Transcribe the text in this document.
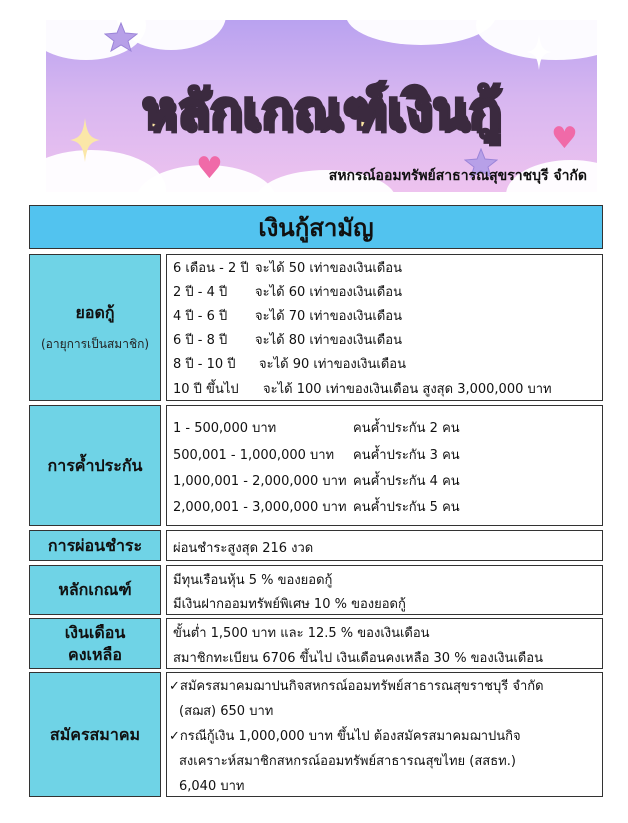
♥
♥
หลักเกณฑ์เงินกู้
สหกรณ์ออมทรัพย์สาธารณสุขราชบุรี จำกัด
เงินกู้สามัญ
ยอดกู้
(อายุการเป็นสมาชิก)
6 เดือน - 2 ปี จะได้ 50 เท่าของเงินเดือน
2 ปี - 4 ปี จะได้ 60 เท่าของเงินเดือน
4 ปี - 6 ปี จะได้ 70 เท่าของเงินเดือน
6 ปี - 8 ปี จะได้ 80 เท่าของเงินเดือน
8 ปี - 10 ปี จะได้ 90 เท่าของเงินเดือน
10 ปี ขึ้นไป จะได้ 100 เท่าของเงินเดือน สูงสุด 3,000,000 บาท
การค้ำประกัน
1 - 500,000 บาท	คนค้ำประกัน 2 คน
500,001 - 1,000,000 บาท คนค้ำประกัน 3 คน
1,000,001 - 2,000,000 บาท คนค้ำประกัน 4 คน
2,000,001 - 3,000,000 บาท คนค้ำประกัน 5 คน
การผ่อนชำระ ผ่อนชำระสูงสุด 216 งวด
หลักเกณฑ์	มีทุนเรือนหุ้น 5 % ของยอดกู้
มีเงินฝากออมทรัพย์พิเศษ 10 % ของยอดกู้
เงินเดือน
คงเหลือ
ขั้นต่ำ 1,500 บาท และ 12.5 % ของเงินเดือน
สมาชิกทะเบียน 6706 ขึ้นไป เงินเดือนคงเหลือ 30 % ของเงินเดือน
สมัครสมาคม
✓สมัครสมาคมฌาปนกิจสหกรณ์ออมทรัพย์สาธารณสุขราชบุรี จำกัด
(สฌส) 650 บาท
✓กรณีกู้เงิน 1,000,000 บาท ขึ้นไป ต้องสมัครสมาคมฌาปนกิจ
สงเคราะห์สมาชิกสหกรณ์ออมทรัพย์สาธารณสุขไทย (สสธท.)
6,040 บาท
